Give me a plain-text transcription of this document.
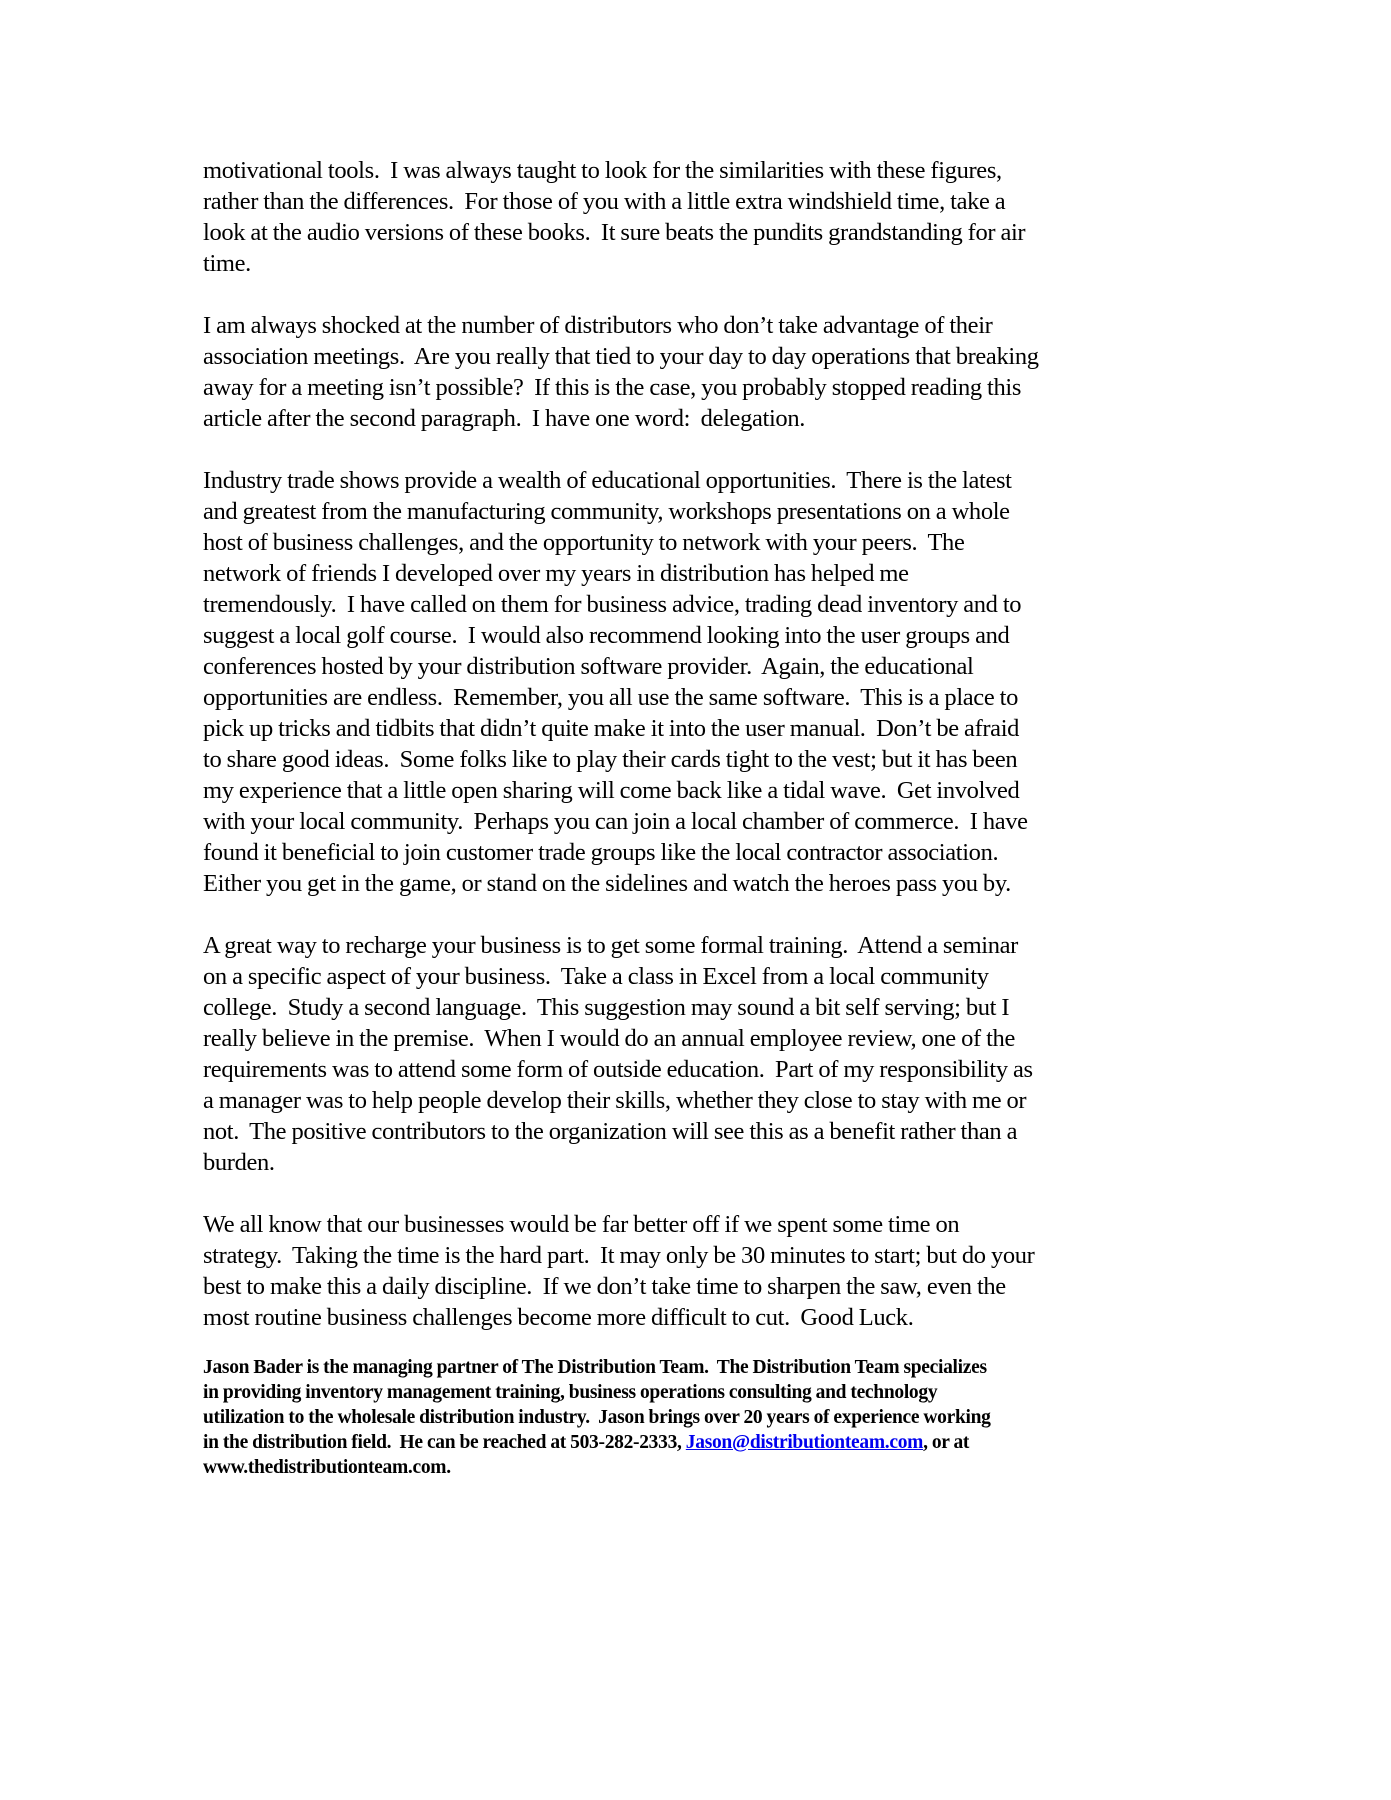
motivational tools.  I was always taught to look for the similarities with these figures,
rather than the differences.  For those of you with a little extra windshield time, take a
look at the audio versions of these books.  It sure beats the pundits grandstanding for air
time.

I am always shocked at the number of distributors who don’t take advantage of their
association meetings.  Are you really that tied to your day to day operations that breaking
away for a meeting isn’t possible?  If this is the case, you probably stopped reading this
article after the second paragraph.  I have one word:  delegation.

Industry trade shows provide a wealth of educational opportunities.  There is the latest
and greatest from the manufacturing community, workshops presentations on a whole
host of business challenges, and the opportunity to network with your peers.  The
network of friends I developed over my years in distribution has helped me
tremendously.  I have called on them for business advice, trading dead inventory and to
suggest a local golf course.  I would also recommend looking into the user groups and
conferences hosted by your distribution software provider.  Again, the educational
opportunities are endless.  Remember, you all use the same software.  This is a place to
pick up tricks and tidbits that didn’t quite make it into the user manual.  Don’t be afraid
to share good ideas.  Some folks like to play their cards tight to the vest; but it has been
my experience that a little open sharing will come back like a tidal wave.  Get involved
with your local community.  Perhaps you can join a local chamber of commerce.  I have
found it beneficial to join customer trade groups like the local contractor association.
Either you get in the game, or stand on the sidelines and watch the heroes pass you by.

A great way to recharge your business is to get some formal training.  Attend a seminar
on a specific aspect of your business.  Take a class in Excel from a local community
college.  Study a second language.  This suggestion may sound a bit self serving; but I
really believe in the premise.  When I would do an annual employee review, one of the
requirements was to attend some form of outside education.  Part of my responsibility as
a manager was to help people develop their skills, whether they close to stay with me or
not.  The positive contributors to the organization will see this as a benefit rather than a
burden.

We all know that our businesses would be far better off if we spent some time on
strategy.  Taking the time is the hard part.  It may only be 30 minutes to start; but do your
best to make this a daily discipline.  If we don’t take time to sharpen the saw, even the
most routine business challenges become more difficult to cut.  Good Luck.

Jason Bader is the managing partner of The Distribution Team.  The Distribution Team specializes
in providing inventory management training, business operations consulting and technology
utilization to the wholesale distribution industry.  Jason brings over 20 years of experience working
in the distribution field.  He can be reached at 503-282-2333, Jason@distributionteam.com, or at
www.thedistributionteam.com.
